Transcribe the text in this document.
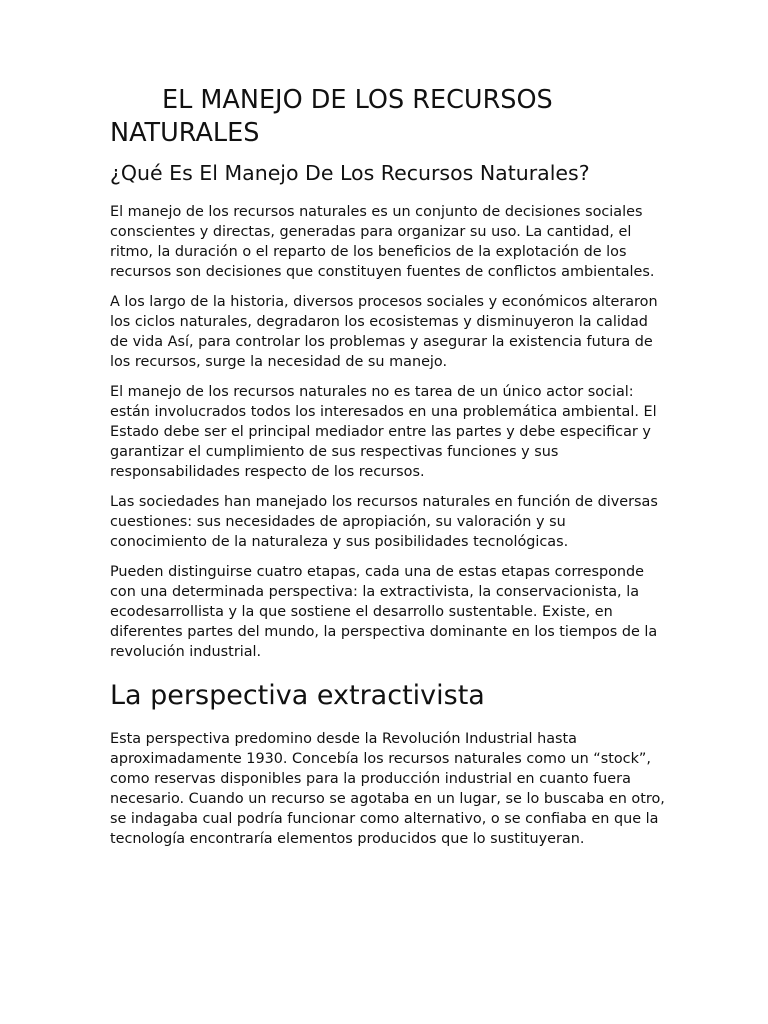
EL MANEJO DE LOS RECURSOS NATURALES
¿Qué Es El Manejo De Los Recursos Naturales?

El manejo de los recursos naturales es un conjunto de decisiones sociales conscientes y directas, generadas para organizar su uso. La cantidad, el ritmo, la duración o el reparto de los beneficios de la explotación de los recursos son decisiones que constituyen fuentes de conflictos ambientales.

A los largo de la historia, diversos procesos sociales y económicos alteraron los ciclos naturales, degradaron los ecosistemas y disminuyeron la calidad de vida Así, para controlar los problemas y asegurar la existencia futura de los recursos, surge la necesidad de su manejo.

El manejo de los recursos naturales no es tarea de un único actor social: están involucrados todos los interesados en una problemática ambiental. El Estado debe ser el principal mediador entre las partes y debe especificar y garantizar el cumplimiento de sus respectivas funciones y sus responsabilidades respecto de los recursos.

Las sociedades han manejado los recursos naturales en función de diversas cuestiones: sus necesidades de apropiación, su valoración y su conocimiento de la naturaleza y sus posibilidades tecnológicas.

Pueden distinguirse cuatro etapas, cada una de estas etapas corresponde con una determinada perspectiva: la extractivista, la conservacionista, la ecodesarrollista y la que sostiene el desarrollo sustentable. Existe, en diferentes partes del mundo, la perspectiva dominante en los tiempos de la revolución industrial.

La perspectiva extractivista

Esta perspectiva predomino desde la Revolución Industrial hasta aproximadamente 1930. Concebía los recursos naturales como un “stock”, como reservas disponibles para la producción industrial en cuanto fuera necesario. Cuando un recurso se agotaba en un lugar, se lo buscaba en otro, se indagaba cual podría funcionar como alternativo, o se confiaba en que la tecnología encontraría elementos producidos que lo sustituyeran.
